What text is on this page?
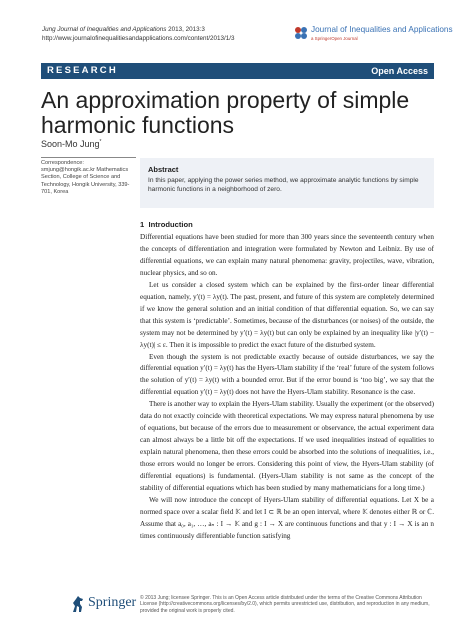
Jung Journal of Inequalities and Applications 2013, 2013:3
http://www.journalofinequalitiesandapplications.com/content/2013/1/3
Journal of Inequalities and Applications
a SpringerOpen Journal
RESEARCH	Open Access
An approximation property of simple harmonic functions
Soon-Mo Jung*
Correspondence: smjung@hongik.ac.kr Mathematics Section, College of Science and Technology, Hongik University, 339-701, Korea
Abstract
In this paper, applying the power series method, we approximate analytic functions by simple harmonic functions in a neighborhood of zero.
1 Introduction

Differential equations have been studied for more than 300 years since the seventeenth century when the concepts of differentiation and integration were formulated by Newton and Leibniz. By use of differential equations, we can explain many natural phenomena: gravity, projectiles, wave, vibration, nuclear physics, and so on.

Let us consider a closed system which can be explained by the first-order linear differential equation, namely, y′(t) = λy(t). The past, present, and future of this system are completely determined if we know the general solution and an initial condition of that differential equation. So, we can say that this system is ‘predictable’. Sometimes, because of the disturbances (or noises) of the outside, the system may not be determined by y′(t) = λy(t) but can only be explained by an inequality like |y′(t) − λy(t)| ≤ ε. Then it is impossible to predict the exact future of the disturbed system.

Even though the system is not predictable exactly because of outside disturbances, we say the differential equation y′(t) = λy(t) has the Hyers-Ulam stability if the ‘real’ future of the system follows the solution of y′(t) = λy(t) with a bounded error. But if the error bound is ‘too big’, we say that the differential equation y′(t) = λy(t) does not have the Hyers-Ulam stability. Resonance is the case.

There is another way to explain the Hyers-Ulam stability. Usually the experiment (or the observed) data do not exactly coincide with theoretical expectations. We may express natural phenomena by use of equations, but because of the errors due to measurement or observance, the actual experiment data can almost always be a little bit off the expectations. If we used inequalities instead of equalities to explain natural phenomena, then these errors could be absorbed into the solutions of inequalities, i.e., those errors would no longer be errors. Considering this point of view, the Hyers-Ulam stability (of differential equations) is fundamental. (Hyers-Ulam stability is not same as the concept of the stability of differential equations which has been studied by many mathematicians for a long time.)

We will now introduce the concept of Hyers-Ulam stability of differential equations. Let X be a normed space over a scalar field 𝕂 and let I ⊂ ℝ be an open interval, where 𝕂 denotes either ℝ or ℂ. Assume that a₀, a₁, …, aₙ : I → 𝕂 and g : I → X are continuous functions and that y : I → X is an n times continuously differentiable function satisfying

Springer © 2013 Jung; licensee Springer. This is an Open Access article distributed under the terms of the Creative Commons Attribution License (http://creativecommons.org/licenses/by/2.0), which permits unrestricted use, distribution, and reproduction in any medium, provided the original work is properly cited.
